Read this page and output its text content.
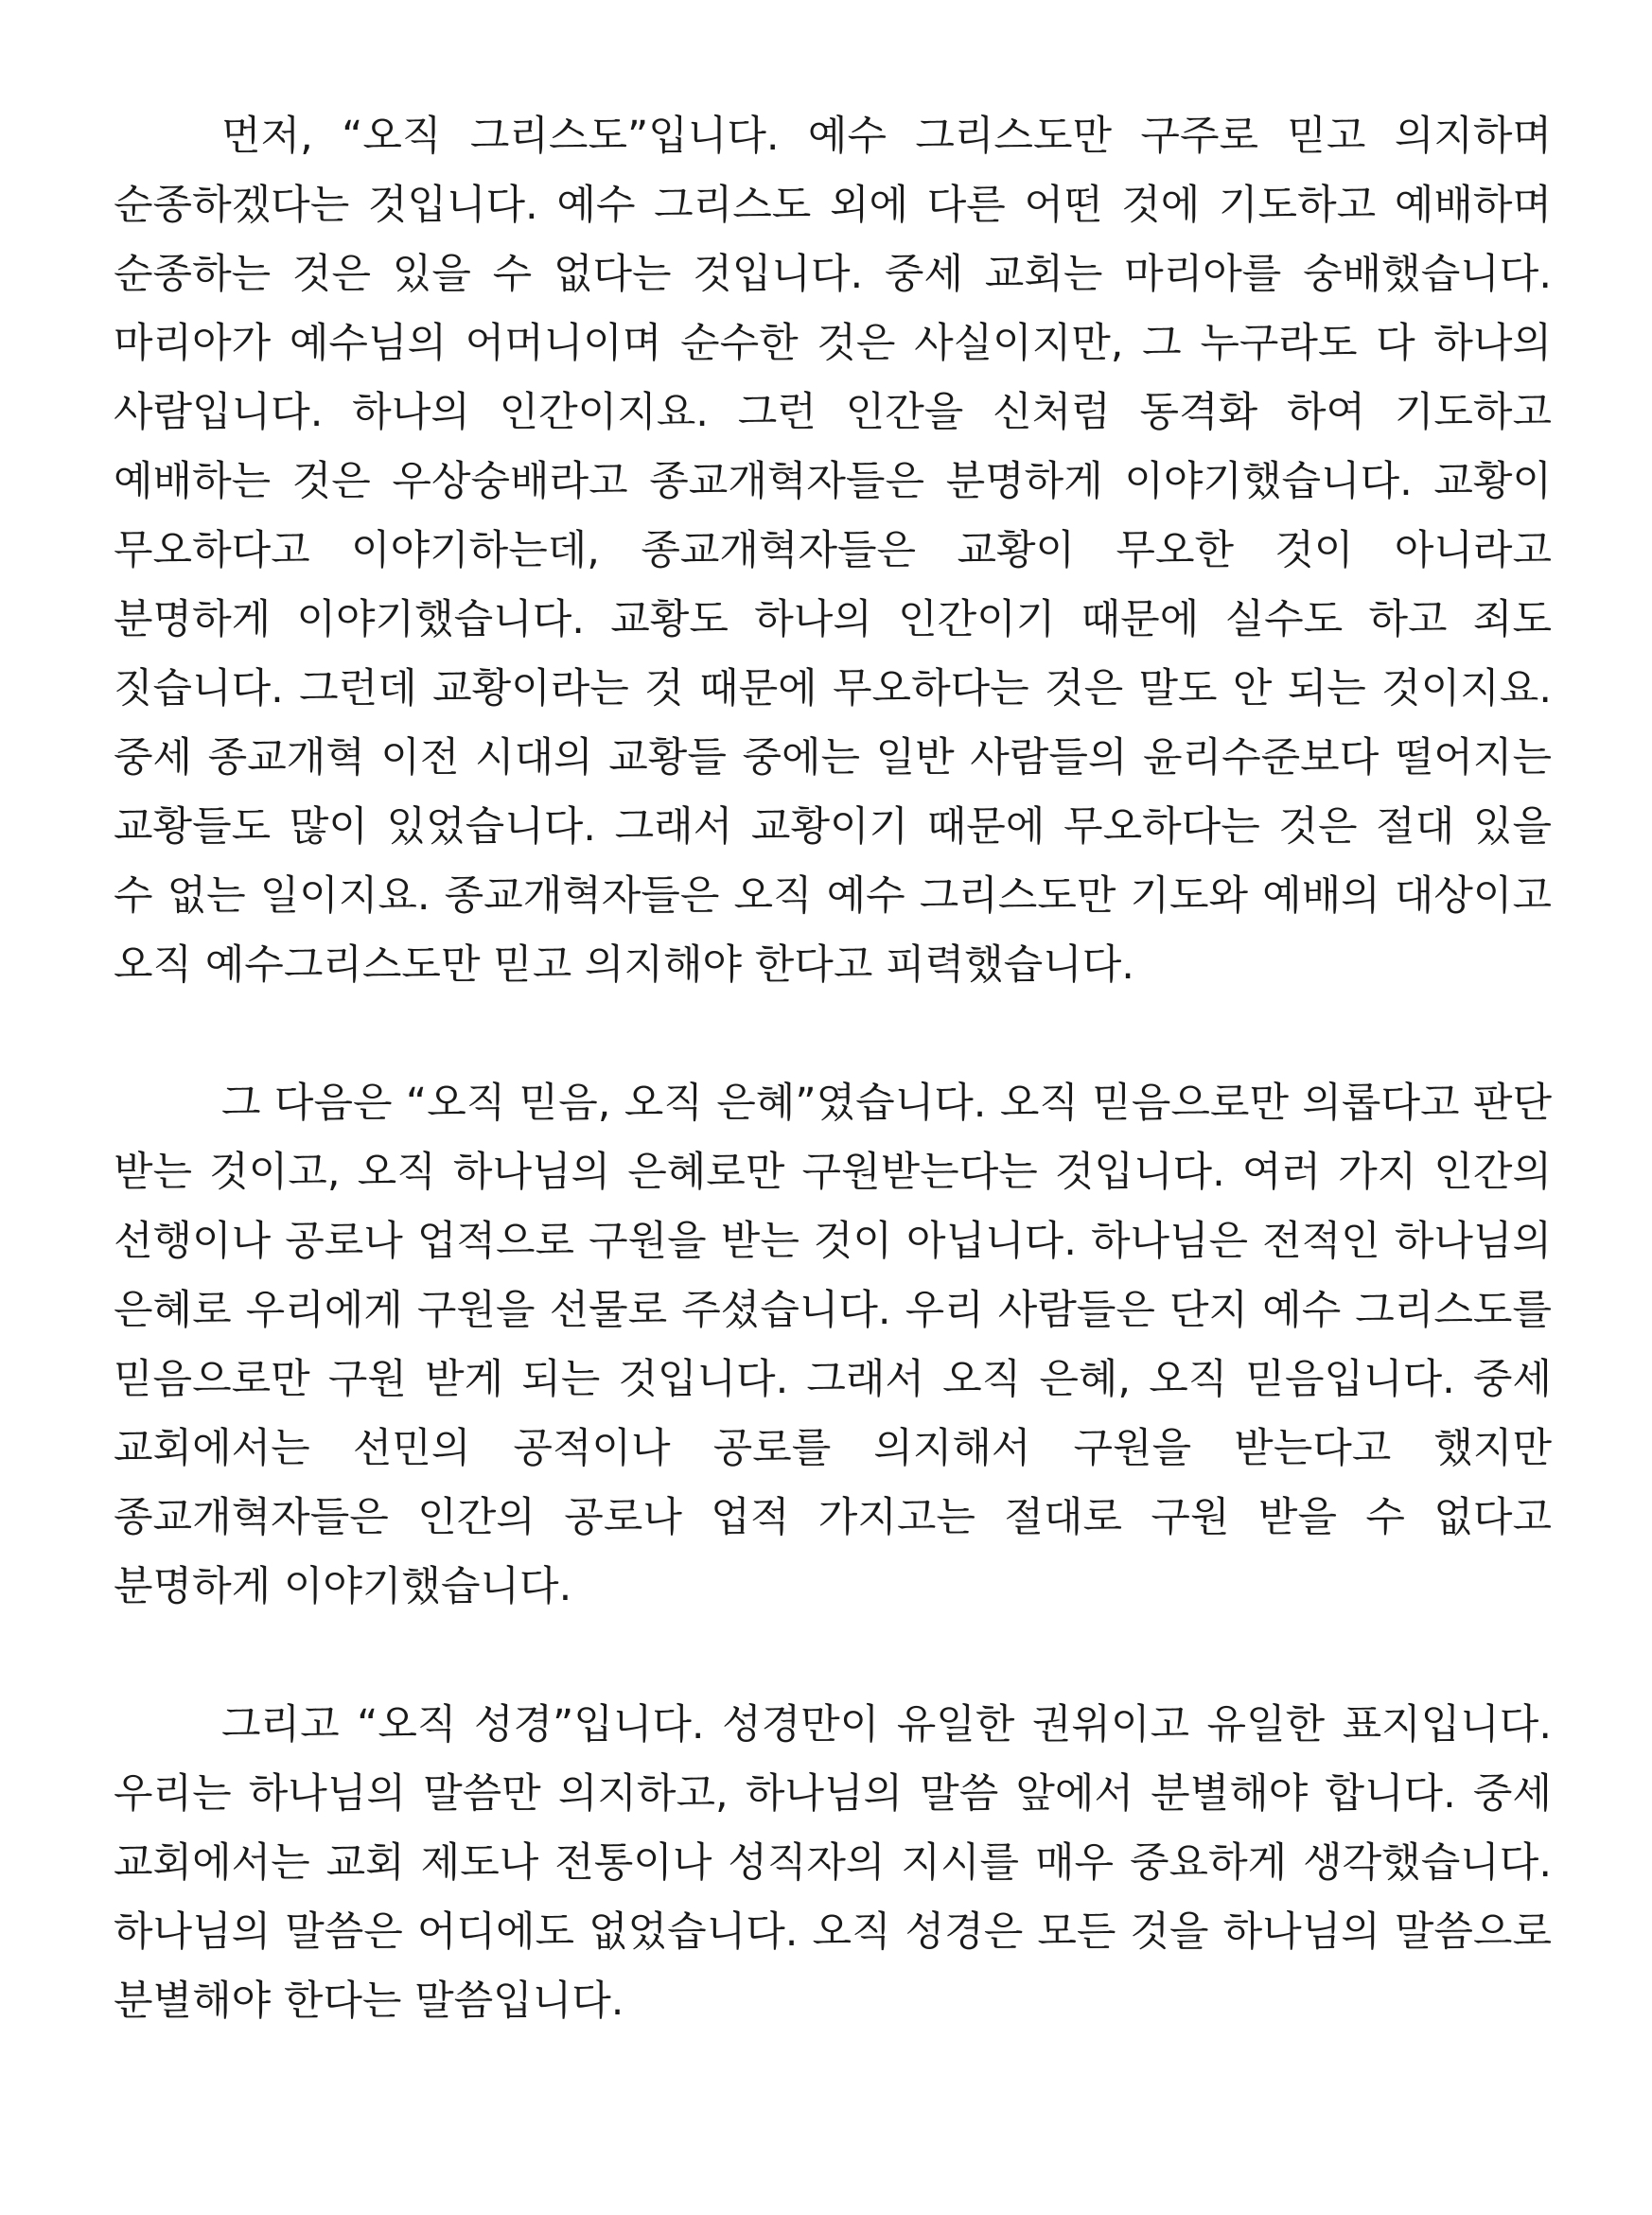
먼저, “오직 그리스도”입니다. 예수 그리스도만 구주로 믿고 의지하며 순종하겠다는 것입니다. 예수 그리스도 외에 다른 어떤 것에 기도하고 예배하며 순종하는 것은 있을 수 없다는 것입니다. 중세 교회는 마리아를 숭배했습니다. 마리아가 예수님의 어머니이며 순수한 것은 사실이지만, 그 누구라도 다 하나의 사람입니다. 하나의 인간이지요. 그런 인간을 신처럼 동격화 하여 기도하고 예배하는 것은 우상숭배라고 종교개혁자들은 분명하게 이야기했습니다. 교황이 무오하다고 이야기하는데, 종교개혁자들은 교황이 무오한 것이 아니라고 분명하게 이야기했습니다. 교황도 하나의 인간이기 때문에 실수도 하고 죄도 짓습니다. 그런데 교황이라는 것 때문에 무오하다는 것은 말도 안 되는 것이지요. 중세 종교개혁 이전 시대의 교황들 중에는 일반 사람들의 윤리수준보다 떨어지는 교황들도 많이 있었습니다. 그래서 교황이기 때문에 무오하다는 것은 절대 있을 수 없는 일이지요. 종교개혁자들은 오직 예수 그리스도만 기도와 예배의 대상이고 오직 예수그리스도만 믿고 의지해야 한다고 피력했습니다.

그 다음은 “오직 믿음, 오직 은혜”였습니다. 오직 믿음으로만 의롭다고 판단 받는 것이고, 오직 하나님의 은혜로만 구원받는다는 것입니다. 여러 가지 인간의 선행이나 공로나 업적으로 구원을 받는 것이 아닙니다. 하나님은 전적인 하나님의 은혜로 우리에게 구원을 선물로 주셨습니다. 우리 사람들은 단지 예수 그리스도를 믿음으로만 구원 받게 되는 것입니다. 그래서 오직 은혜, 오직 믿음입니다. 중세 교회에서는 선민의 공적이나 공로를 의지해서 구원을 받는다고 했지만 종교개혁자들은 인간의 공로나 업적 가지고는 절대로 구원 받을 수 없다고 분명하게 이야기했습니다.

그리고 “오직 성경”입니다. 성경만이 유일한 권위이고 유일한 표지입니다. 우리는 하나님의 말씀만 의지하고, 하나님의 말씀 앞에서 분별해야 합니다. 중세 교회에서는 교회 제도나 전통이나 성직자의 지시를 매우 중요하게 생각했습니다. 하나님의 말씀은 어디에도 없었습니다. 오직 성경은 모든 것을 하나님의 말씀으로 분별해야 한다는 말씀입니다.
